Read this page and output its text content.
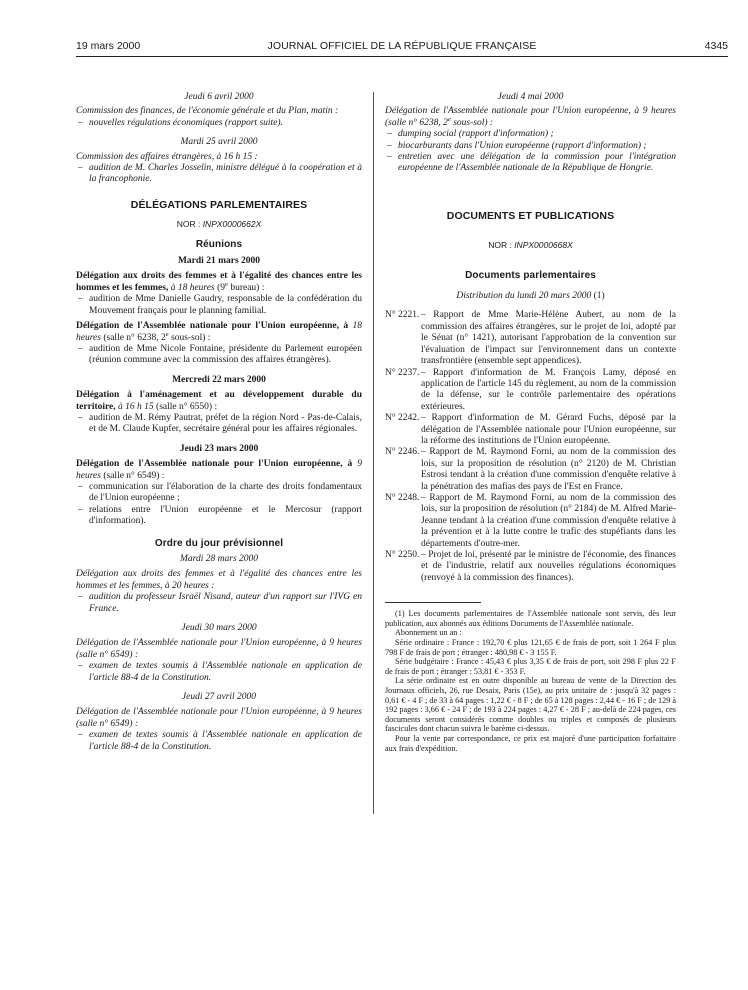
19 mars 2000	JOURNAL OFFICIEL DE LA RÉPUBLIQUE FRANÇAISE	4345

Jeudi 6 avril 2000

Commission des finances, de l'économie générale et du Plan, matin :

– nouvelles régulations économiques (rapport suite).

Mardi 25 avril 2000

Commission des affaires étrangères, à 16 h 15 :

– audition de M. Charles Josselin, ministre délégué à la coopération et à la francophonie.
DÉLÉGATIONS PARLEMENTAIRES
NOR : INPX0000662X
Réunions

Mardi 21 mars 2000

Délégation aux droits des femmes et à l'égalité des chances entre les hommes et les femmes, à 18 heures (9e bureau) :

– audition de Mme Danielle Gaudry, responsable de la confédération du Mouvement français pour le planning familial.

Délégation de l'Assemblée nationale pour l'Union européenne, à 18 heures (salle n° 6238, 2e sous-sol) :

– audition de Mme Nicole Fontaine, présidente du Parlement européen (réunion commune avec la commission des affaires étrangères).

Mercredi 22 mars 2000

Délégation à l'aménagement et au développement durable du territoire, à 16 h 15 (salle n° 6550) :

– audition de M. Rémy Pautrat, préfet de la région Nord - Pas-de-Calais, et de M. Claude Kupfer, secrétaire général pour les affaires régionales.

Jeudi 23 mars 2000

Délégation de l'Assemblée nationale pour l'Union européenne, à 9 heures (salle n° 6549) :

– communication sur l'élaboration de la charte des droits fondamentaux de l'Union européenne ;
– relations entre l'Union européenne et le Mercosur (rapport d'information).
Ordre du jour prévisionnel

Mardi 28 mars 2000

Délégation aux droits des femmes et à l'égalité des chances entre les hommes et les femmes, à 20 heures :

– audition du professeur Israël Nisand, auteur d'un rapport sur l'IVG en France.

Jeudi 30 mars 2000

Délégation de l'Assemblée nationale pour l'Union européenne, à 9 heures (salle n° 6549) :

– examen de textes soumis à l'Assemblée nationale en application de l'article 88-4 de la Constitution.

Jeudi 27 avril 2000

Délégation de l'Assemblée nationale pour l'Union européenne, à 9 heures (salle n° 6549) :

– examen de textes soumis à l'Assemblée nationale en application de l'article 88-4 de la Constitution.

Jeudi 4 mai 2000

Délégation de l'Assemblée nationale pour l'Union européenne, à 9 heures (salle n° 6238, 2e sous-sol) :

– dumping social (rapport d'information) ;
– biocarburants dans l'Union européenne (rapport d'information) ;
– entretien avec une délégation de la commission pour l'intégration européenne de l'Assemblée nationale de la République de Hongrie.
DOCUMENTS ET PUBLICATIONS
NOR : INPX0000668X
Documents parlementaires

Distribution du lundi 20 mars 2000 (1)

N° 2221. – Rapport de Mme Marie-Hélène Aubert, au nom de la commission des affaires étrangères, sur le projet de loi, adopté par le Sénat (n° 1421), autorisant l'approbation de la convention sur l'évaluation de l'impact sur l'environnement dans un contexte transfrontière (ensemble sept appendices).

N° 2237. – Rapport d'information de M. François Lamy, déposé en application de l'article 145 du règlement, au nom de la commission de la défense, sur le contrôle parlementaire des opérations extérieures.

N° 2242. – Rapport d'information de M. Gérard Fuchs, déposé par la délégation de l'Assemblée nationale pour l'Union européenne, sur la réforme des institutions de l'Union européenne.

N° 2246. – Rapport de M. Raymond Forni, au nom de la commission des lois, sur la proposition de résolution (n° 2120) de M. Christian Estrosi tendant à la création d'une commission d'enquête relative à la pénétration des mafias des pays de l'Est en France.

N° 2248. – Rapport de M. Raymond Forni, au nom de la commission des lois, sur la proposition de résolution (n° 2184) de M. Alfred Marie-Jeanne tendant à la création d'une commission d'enquête relative à la prévention et à la lutte contre le trafic des stupéfiants dans les départements d'outre-mer.

N° 2250. – Projet de loi, présenté par le ministre de l'économie, des finances et de l'industrie, relatif aux nouvelles régulations économiques (renvoyé à la commission des finances).

(1) Les documents parlementaires de l'Assemblée nationale sont servis, dès leur publication, aux abonnés aux éditions Documents de l'Assemblée nationale.

Abonnement un an :

Série ordinaire : France : 192,70 € plus 121,65 € de frais de port, soit 1 264 F plus 798 F de frais de port ; étranger : 480,98 € - 3 155 F.

Série budgétaire : France : 45,43 € plus 3,35 € de frais de port, soit 298 F plus 22 F de frais de port ; étranger : 53,81 € - 353 F.

La série ordinaire est en outre disponible au bureau de vente de la Direction des Journaux officiels, 26, rue Desaix, Paris (15e), au prix unitaire de : jusqu'à 32 pages : 0,61 € - 4 F ; de 33 à 64 pages : 1,22 € - 8 F ; de 65 à 128 pages : 2,44 € - 16 F ; de 129 à 192 pages : 3,66 € - 24 F ; de 193 à 224 pages : 4,27 € - 28 F ; au-delà de 224 pages, ces documents seront considérés comme doubles ou triples et composés de plusieurs fascicules dont chacun suivra le barème ci-dessus.

Pour la vente par correspondance, ce prix est majoré d'une participation forfaitaire aux frais d'expédition.
